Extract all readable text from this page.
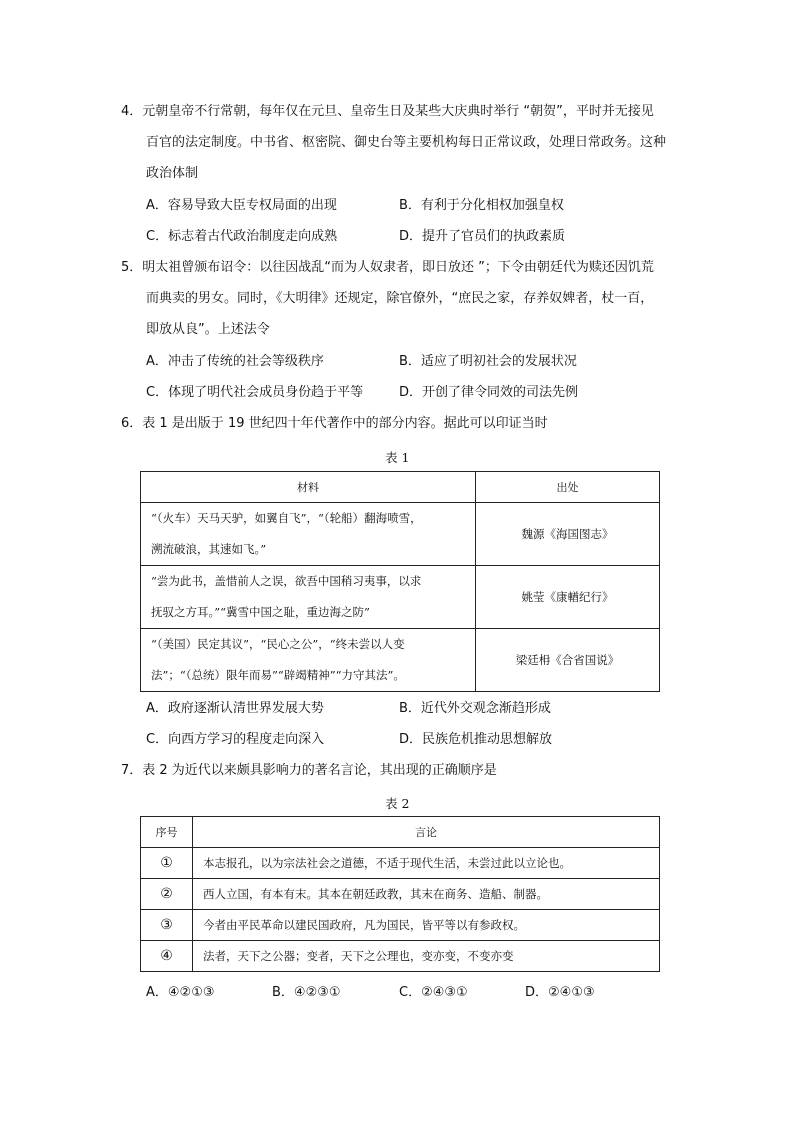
4．元朝皇帝不行常朝，每年仅在元旦、皇帝生日及某些大庆典时举行 “朝贺”，平时并无接见
百官的法定制度。中书省、枢密院、御史台等主要机构每日正常议政，处理日常政务。这种
政治体制
A．容易导致大臣专权局面的出现	B．有利于分化相权加强皇权
C．标志着古代政治制度走向成熟	D．提升了官员们的执政素质
5．明太祖曾颁布诏令：以往因战乱“而为人奴隶者，即日放还 ”；下令由朝廷代为赎还因饥荒
而典卖的男女。同时，《大明律》还规定，除官僚外，“庶民之家，存养奴婢者，杖一百，
即放从良”。上述法令
A．冲击了传统的社会等级秩序	B．适应了明初社会的发展状况
C．体现了明代社会成员身份趋于平等	D．开创了律令同效的司法先例
6．表 1 是出版于 19 世纪四十年代著作中的部分内容。据此可以印证当时
表 1
材料	出处

“（火车）天马天驴，如翼自飞”，“（轮船）翻海喷雪，
溯流破浪，其速如飞。”	魏源《海国图志》

“尝为此书，盖惜前人之误，欲吾中国稍习夷事，以求
抚驭之方耳。”“冀雪中国之耻，重边海之防”	姚莹《康輶纪行》

“（美国）民定其议”，“民心之公”，“终未尝以人变
法”；“（总统）限年而易”“辟竭精神”“力守其法”。	梁廷枏《合省国说》
A．政府逐渐认清世界发展大势	B．近代外交观念渐趋形成
C．向西方学习的程度走向深入	D．民族危机推动思想解放
7．表 2 为近代以来颇具影响力的著名言论，其出现的正确顺序是
表 2
序号	言论
①	本志报孔，以为宗法社会之道德，不适于现代生活，未尝过此以立论也。
②	西人立国，有本有末。其本在朝廷政教，其末在商务、造船、制器。
③	今者由平民革命以建民国政府，凡为国民，皆平等以有参政权。
④	法者，天下之公器；变者，天下之公理也，变亦变，不变亦变
A．④②①③	B．④②③①	C．②④③①	D．②④①③
